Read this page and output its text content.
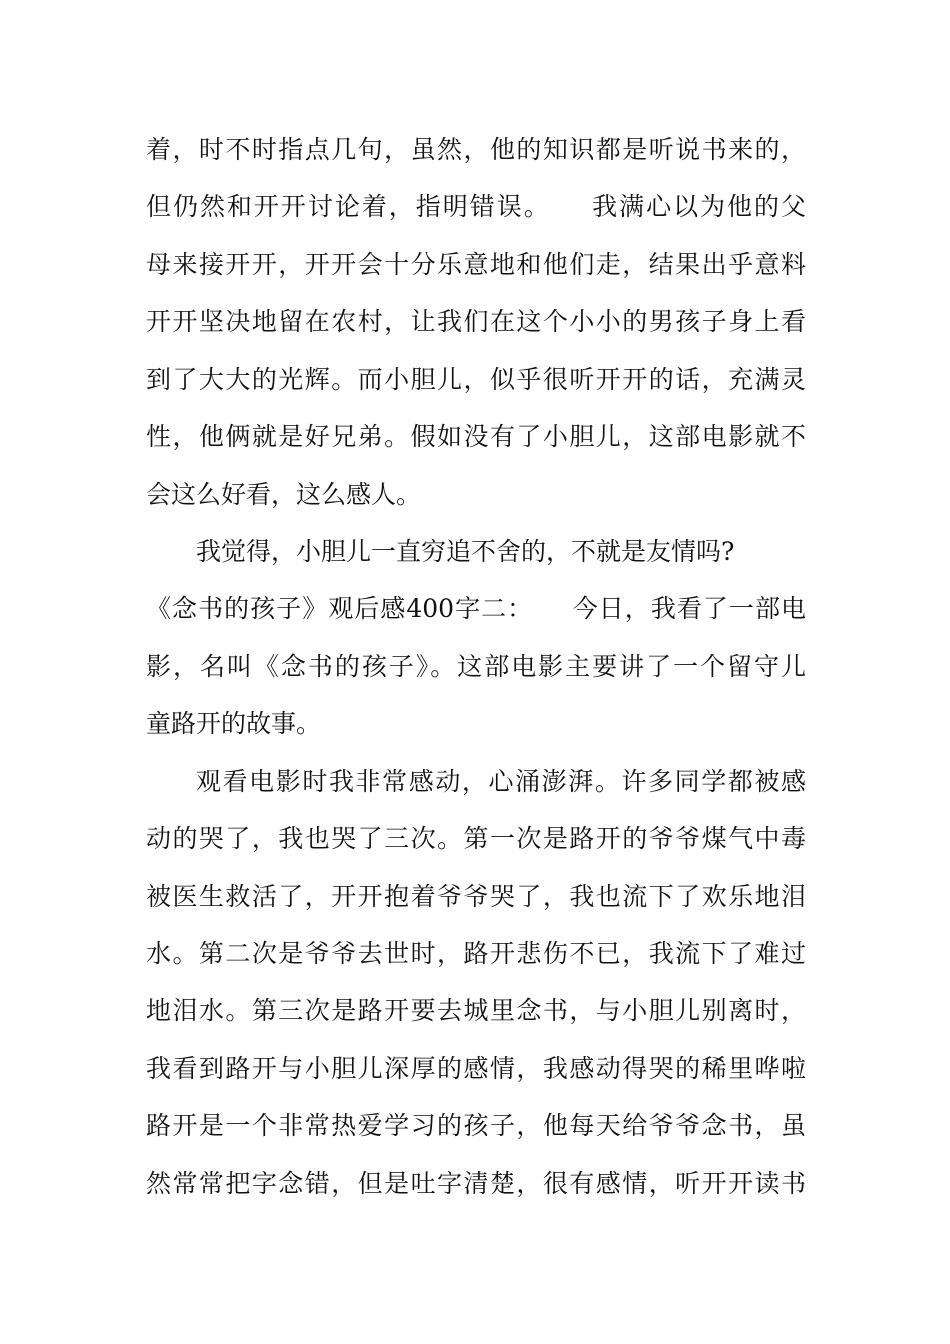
着，时不时指点几句，虽然，他的知识都是听说书来的，
但仍然和开开讨论着，指明错误。　　我满心以为他的父
母来接开开，开开会十分乐意地和他们走，结果出乎意料
开开坚决地留在农村，让我们在这个小小的男孩子身上看
到了大大的光辉。而小胆儿，似乎很听开开的话，充满灵
性，他俩就是好兄弟。假如没有了小胆儿，这部电影就不
会这么好看，这么感人。
我觉得，小胆儿一直穷追不舍的，不就是友情吗?
《念书的孩子》观后感400字二：　　今日，我看了一部电
影，名叫《念书的孩子》。这部电影主要讲了一个留守儿
童路开的故事。
观看电影时我非常感动，心涌澎湃。许多同学都被感
动的哭了，我也哭了三次。第一次是路开的爷爷煤气中毒
被医生救活了，开开抱着爷爷哭了，我也流下了欢乐地泪
水。第二次是爷爷去世时，路开悲伤不已，我流下了难过
地泪水。第三次是路开要去城里念书，与小胆儿别离时，
我看到路开与小胆儿深厚的感情，我感动得哭的稀里哗啦
路开是一个非常热爱学习的孩子，他每天给爷爷念书，虽
然常常把字念错，但是吐字清楚，很有感情，听开开读书
